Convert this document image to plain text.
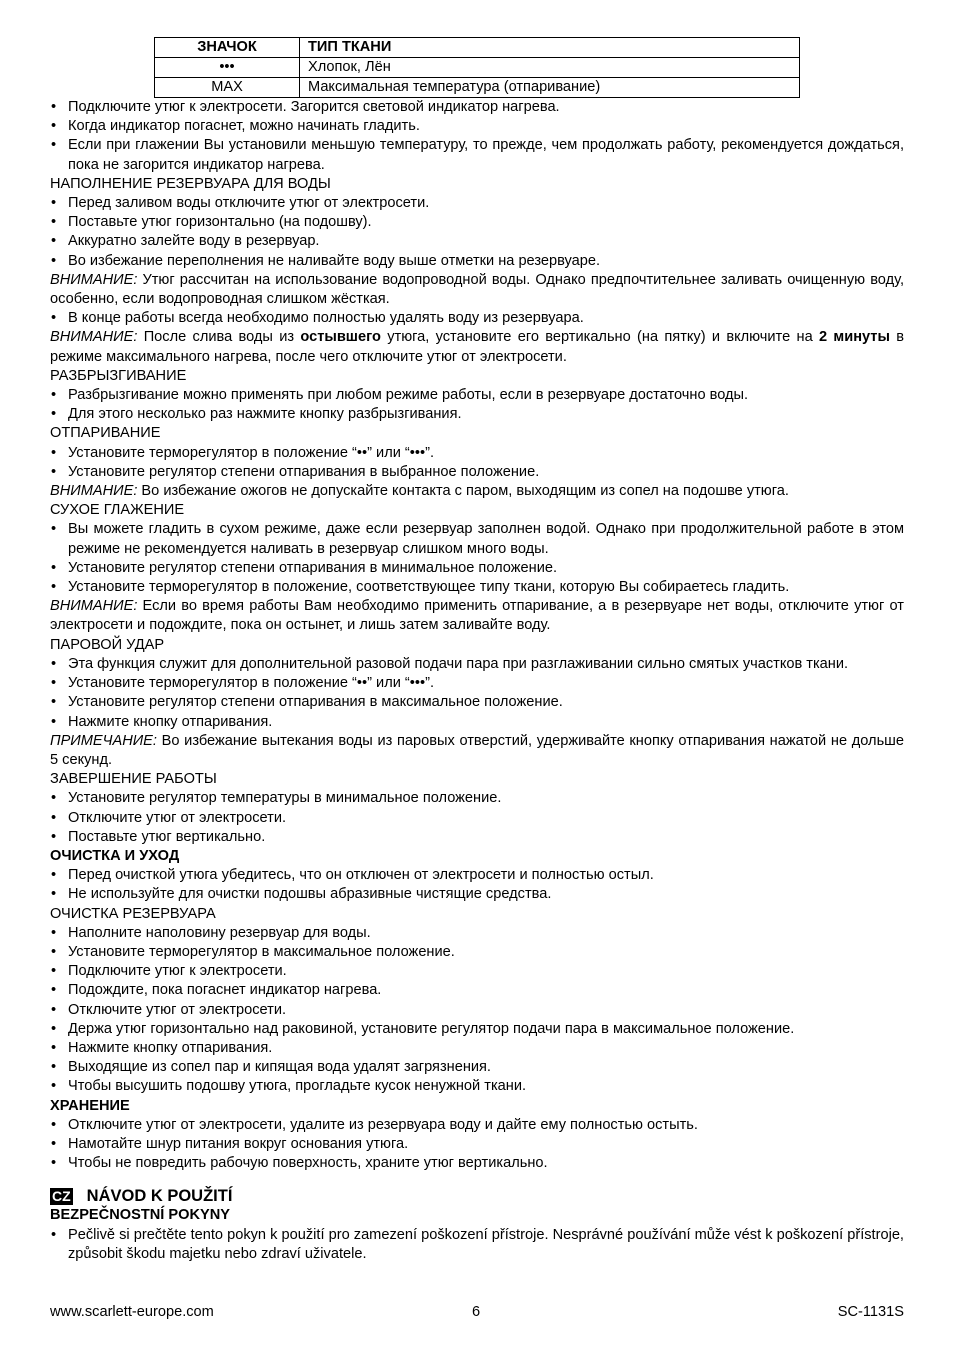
ЗНАЧОК	ТИП ТКАНИ
•••	Хлопок, Лён
MAX	Максимальная температура (отпаривание)
• Подключите утюг к электросети. Загорится световой индикатор нагрева.
• Когда индикатор погаснет, можно начинать гладить.
• Если при глажении Вы установили меньшую температуру, то прежде, чем продолжать работу, рекомендуется дождаться, пока не загорится индикатор нагрева.

НАПОЛНЕНИЕ РЕЗЕРВУАРА ДЛЯ ВОДЫ

• Перед заливом воды отключите утюг от электросети.
• Поставьте утюг горизонтально (на подошву).
• Аккуратно залейте воду в резервуар.
• Во избежание переполнения не наливайте воду выше отметки на резервуаре.

ВНИМАНИЕ: Утюг рассчитан на использование водопроводной воды. Однако предпочтительнее заливать очищенную воду, особенно, если водопроводная слишком жёсткая.

• В конце работы всегда необходимо полностью удалять воду из резервуара.

ВНИМАНИЕ: После слива воды из остывшего утюга, установите его вертикально (на пятку) и включите на 2 минуты в режиме максимального нагрева, после чего отключите утюг от электросети.

РАЗБРЫЗГИВАНИЕ

• Разбрызгивание можно применять при любом режиме работы, если в резервуаре достаточно воды.
• Для этого несколько раз нажмите кнопку разбрызгивания.

ОТПАРИВАНИЕ

• Установите терморегулятор в положение “••” или “•••”.
• Установите регулятор степени отпаривания в выбранное положение.

ВНИМАНИЕ: Во избежание ожогов не допускайте контакта с паром, выходящим из сопел на подошве утюга.

СУХОЕ ГЛАЖЕНИЕ

• Вы можете гладить в сухом режиме, даже если резервуар заполнен водой. Однако при продолжительной работе в этом режиме не рекомендуется наливать в резервуар слишком много воды.
• Установите регулятор степени отпаривания в минимальное положение.
• Установите терморегулятор в положение, соответствующее типу ткани, которую Вы собираетесь гладить.

ВНИМАНИЕ: Если во время работы Вам необходимо применить отпаривание, а в резервуаре нет воды, отключите утюг от электросети и подождите, пока он остынет, и лишь затем заливайте воду.

ПАРОВОЙ УДАР

• Эта функция служит для дополнительной разовой подачи пара при разглаживании сильно смятых участков ткани.
• Установите терморегулятор в положение “••” или “•••”.
• Установите регулятор степени отпаривания в максимальное положение.
• Нажмите кнопку отпаривания.

ПРИМЕЧАНИЕ: Во избежание вытекания воды из паровых отверстий, удерживайте кнопку отпаривания нажатой не дольше 5 секунд.

ЗАВЕРШЕНИЕ РАБОТЫ

• Установите регулятор температуры в минимальное положение.
• Отключите утюг от электросети.
• Поставьте утюг вертикально.

ОЧИСТКА И УХОД

• Перед очисткой утюга убедитесь, что он отключен от электросети и полностью остыл.
• Не используйте для очистки подошвы абразивные чистящие средства.

ОЧИСТКА РЕЗЕРВУАРА

• Наполните наполовину резервуар для воды.
• Установите терморегулятор в максимальное положение.
• Подключите утюг к электросети.
• Подождите, пока погаснет индикатор нагрева.
• Отключите утюг от электросети.
• Держа утюг горизонтально над раковиной, установите регулятор подачи пара в максимальное положение.
• Нажмите кнопку отпаривания.
• Выходящие из сопел пар и кипящая вода удалят загрязнения.
• Чтобы высушить подошву утюга, прогладьте кусок ненужной ткани.

ХРАНЕНИЕ

• Отключите утюг от электросети, удалите из резервуара воду и дайте ему полностью остыть.
• Намотайте шнур питания вокруг основания утюга.
• Чтобы не повредить рабочую поверхность, храните утюг вертикально.
CZ NÁVOD K POUŽITÍ

BEZPEČNOSTNÍ POKYNY

• Pečlivě si prečtěte tento pokyn k použití pro zamezení poškození přístroje. Nesprávné používání může vést k poškození přístroje, způsobit škodu majetku nebo zdraví uživatele.
www.scarlett-europe.com	6	SC-1131S
